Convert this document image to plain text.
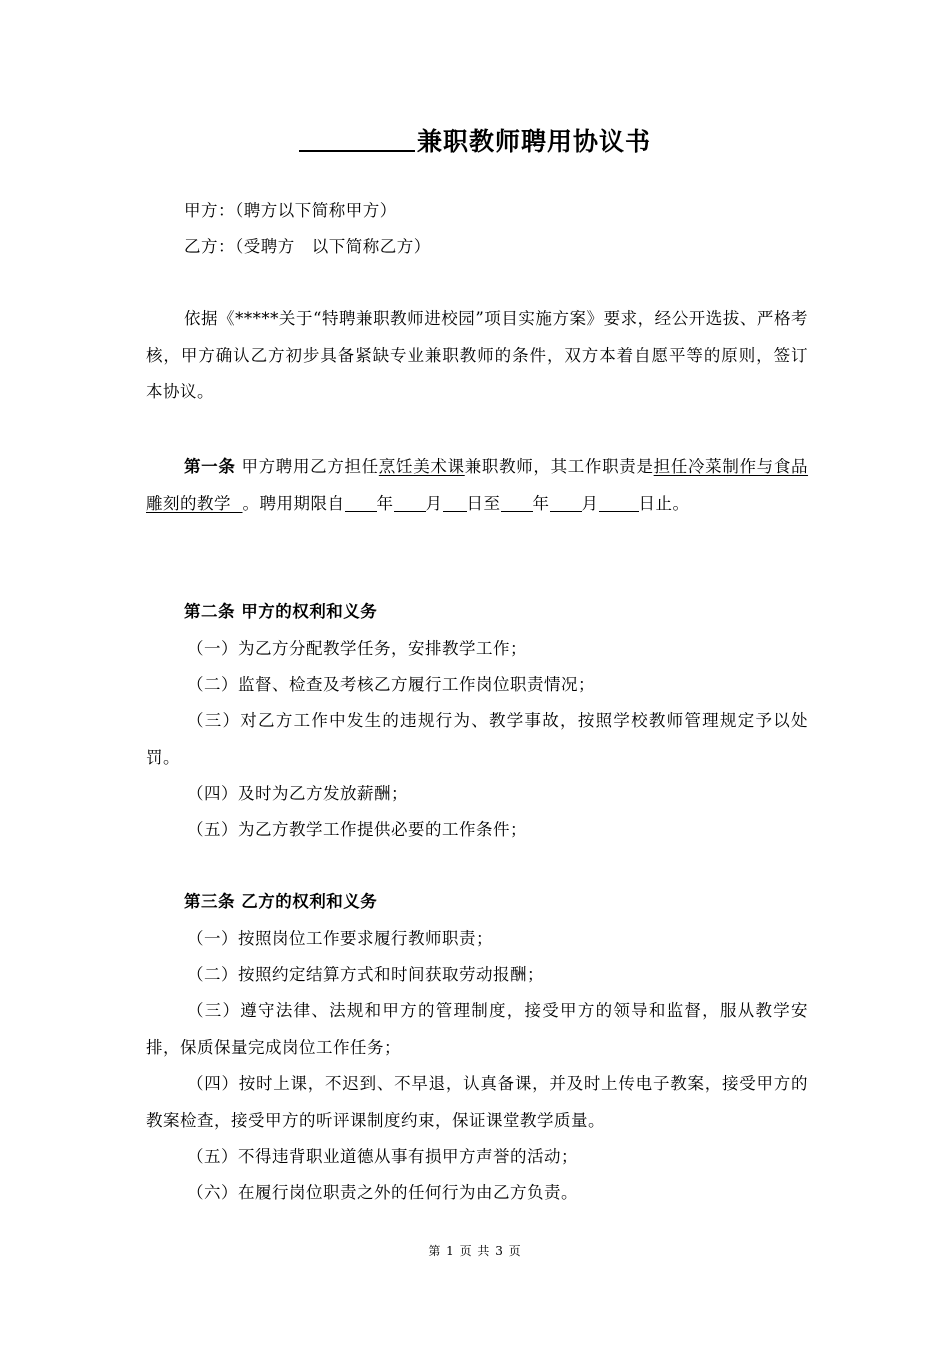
兼职教师聘用协议书
甲方：（聘方以下简称甲方）
乙方：（受聘方　以下简称乙方）
依据《*****关于“特聘兼职教师进校园”项目实施方案》要求，经公开选拔、严格考核，甲方确认乙方初步具备紧缺专业兼职教师的条件，双方本着自愿平等的原则，签订本协议。
第一条 甲方聘用乙方担任烹饪美术课兼职教师，其工作职责是担任冷菜制作与食品雕刻的教学 。聘用期限自 年 月 日至 年 月 日止。
第二条 甲方的权利和义务
（一）为乙方分配教学任务，安排教学工作；
（二）监督、检查及考核乙方履行工作岗位职责情况；
（三）对乙方工作中发生的违规行为、教学事故，按照学校教师管理规定予以处罚。
（四）及时为乙方发放薪酬；
（五）为乙方教学工作提供必要的工作条件；
第三条 乙方的权利和义务
（一）按照岗位工作要求履行教师职责；
（二）按照约定结算方式和时间获取劳动报酬；
（三）遵守法律、法规和甲方的管理制度，接受甲方的领导和监督，服从教学安排，保质保量完成岗位工作任务；
（四）按时上课，不迟到、不早退，认真备课，并及时上传电子教案，接受甲方的教案检查，接受甲方的听评课制度约束，保证课堂教学质量。
（五）不得违背职业道德从事有损甲方声誉的活动；
（六）在履行岗位职责之外的任何行为由乙方负责。
第 1 页 共 3 页
